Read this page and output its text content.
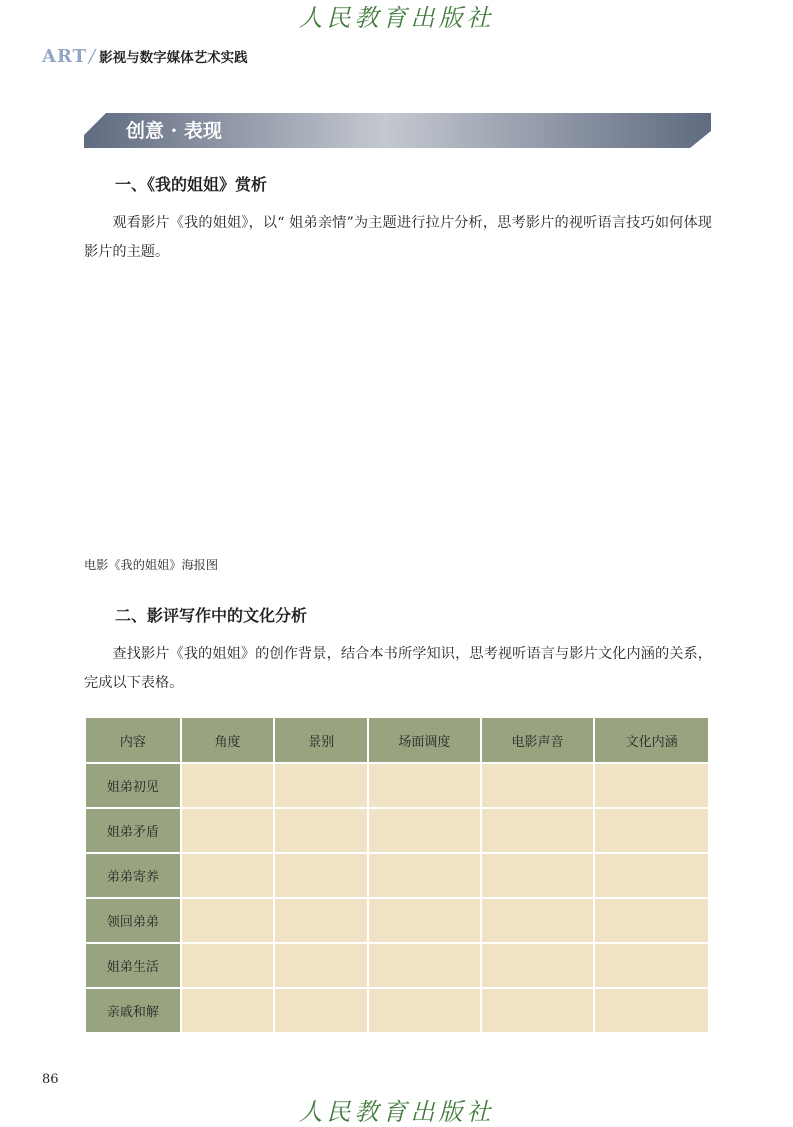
人民教育出版社
ART / 影视与数字媒体艺术实践
创意 · 表现
一、《我的姐姐》赏析
观看影片《我的姐姐》，以“ 姐弟亲情”为主题进行拉片分析，思考影片的视听语言技巧如何体现影片的主题。
电影《我的姐姐》海报图
二、影评写作中的文化分析
查找影片《我的姐姐》的创作背景，结合本书所学知识，思考视听语言与影片文化内涵的关系，完成以下表格。
内容	角度	景别	场面调度	电影声音	文化内涵
姐弟初见					
姐弟矛盾					
弟弟寄养					
领回弟弟					
姐弟生活					
亲戚和解					
86
人民教育出版社
